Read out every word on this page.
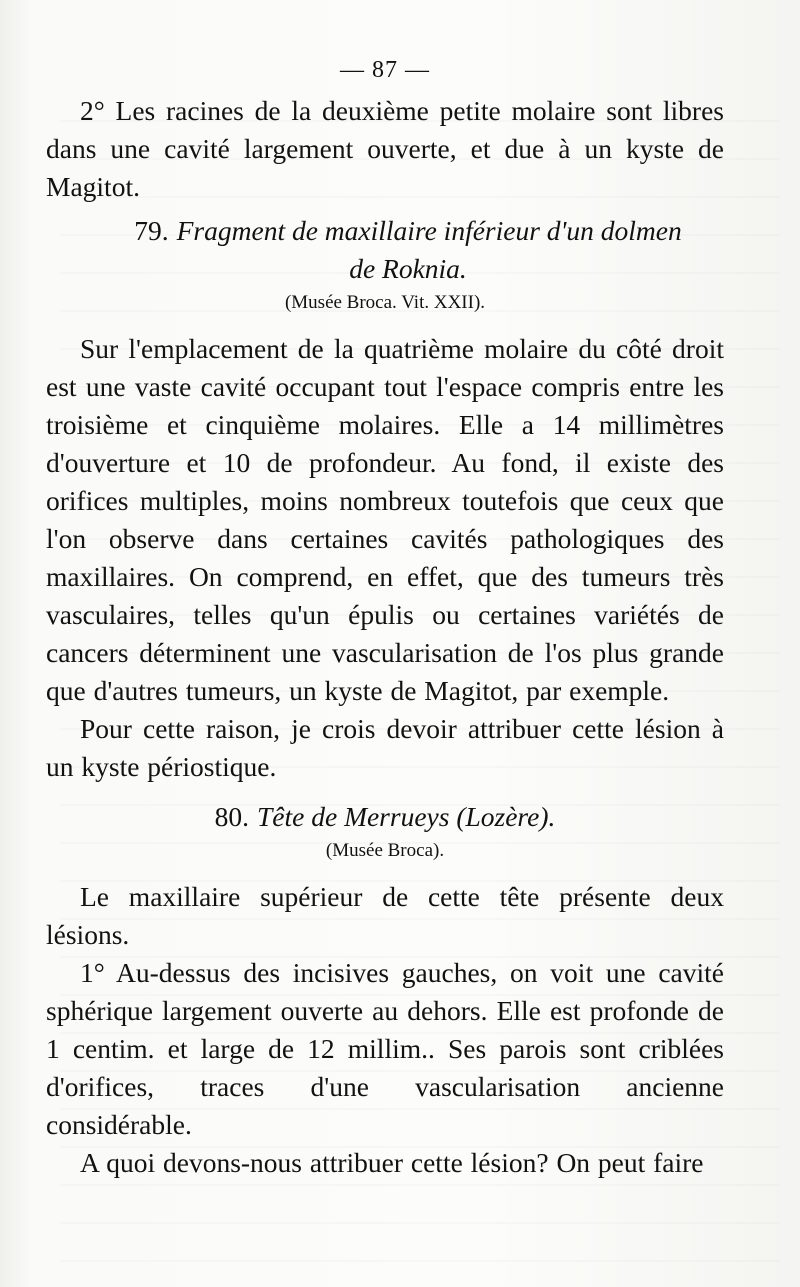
— 87 —

2° Les racines de la deuxième petite molaire sont libres dans une cavité largement ouverte, et due à un kyste de Magitot.

79. Fragment de maxillaire inférieur d'un dolmen
de Roknia.

(Musée Broca. Vit. XXII).

Sur l'emplacement de la quatrième molaire du côté droit est une vaste cavité occupant tout l'espace compris entre les troisième et cinquième molaires. Elle a 14 millimètres d'ouverture et 10 de profondeur. Au fond, il existe des orifices multiples, moins nombreux toutefois que ceux que l'on observe dans certaines cavités pathologiques des maxillaires. On comprend, en effet, que des tumeurs très vasculaires, telles qu'un épulis ou certaines variétés de cancers déterminent une vascularisation de l'os plus grande que d'autres tumeurs, un kyste de Magitot, par exemple.

Pour cette raison, je crois devoir attribuer cette lésion à un kyste périostique.

80. Tête de Merrueys (Lozère).

(Musée Broca).

Le maxillaire supérieur de cette tête présente deux lésions.

1° Au-dessus des incisives gauches, on voit une cavité sphérique largement ouverte au dehors. Elle est profonde de 1 centim. et large de 12 millim.. Ses parois sont criblées d'orifices, traces d'une vascularisation ancienne considérable.

A quoi devons-nous attribuer cette lésion? On peut faire
